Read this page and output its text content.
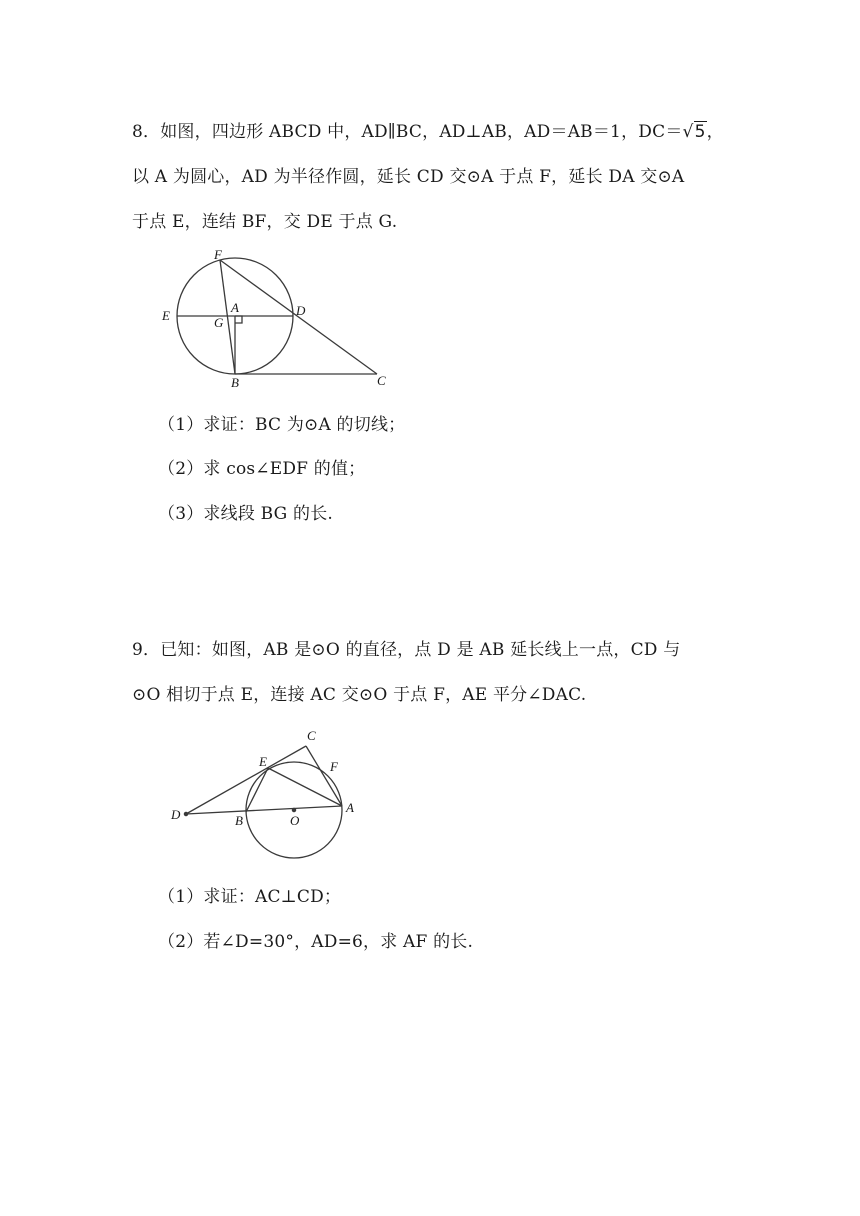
8．如图，四边形 ABCD 中，AD∥BC，AD⊥AB，AD＝AB＝1，DC＝√5，
以 A 为圆心，AD 为半径作圆，延长 CD 交⊙A 于点 F，延长 DA 交⊙A
于点 E，连结 BF，交 DE 于点 G.
F
E
A
G
D
B	C
（1）求证：BC 为⊙A 的切线；
（2）求 cos∠EDF 的值；
（3）求线段 BG 的长.
9．已知：如图，AB 是⊙O 的直径，点 D 是 AB 延长线上一点，CD 与
⊙O 相切于点 E，连接 AC 交⊙O 于点 F，AE 平分∠DAC.
C
E	F
D	B	O
A
（1）求证：AC⊥CD；
（2）若∠D=30°，AD=6，求 AF 的长.
